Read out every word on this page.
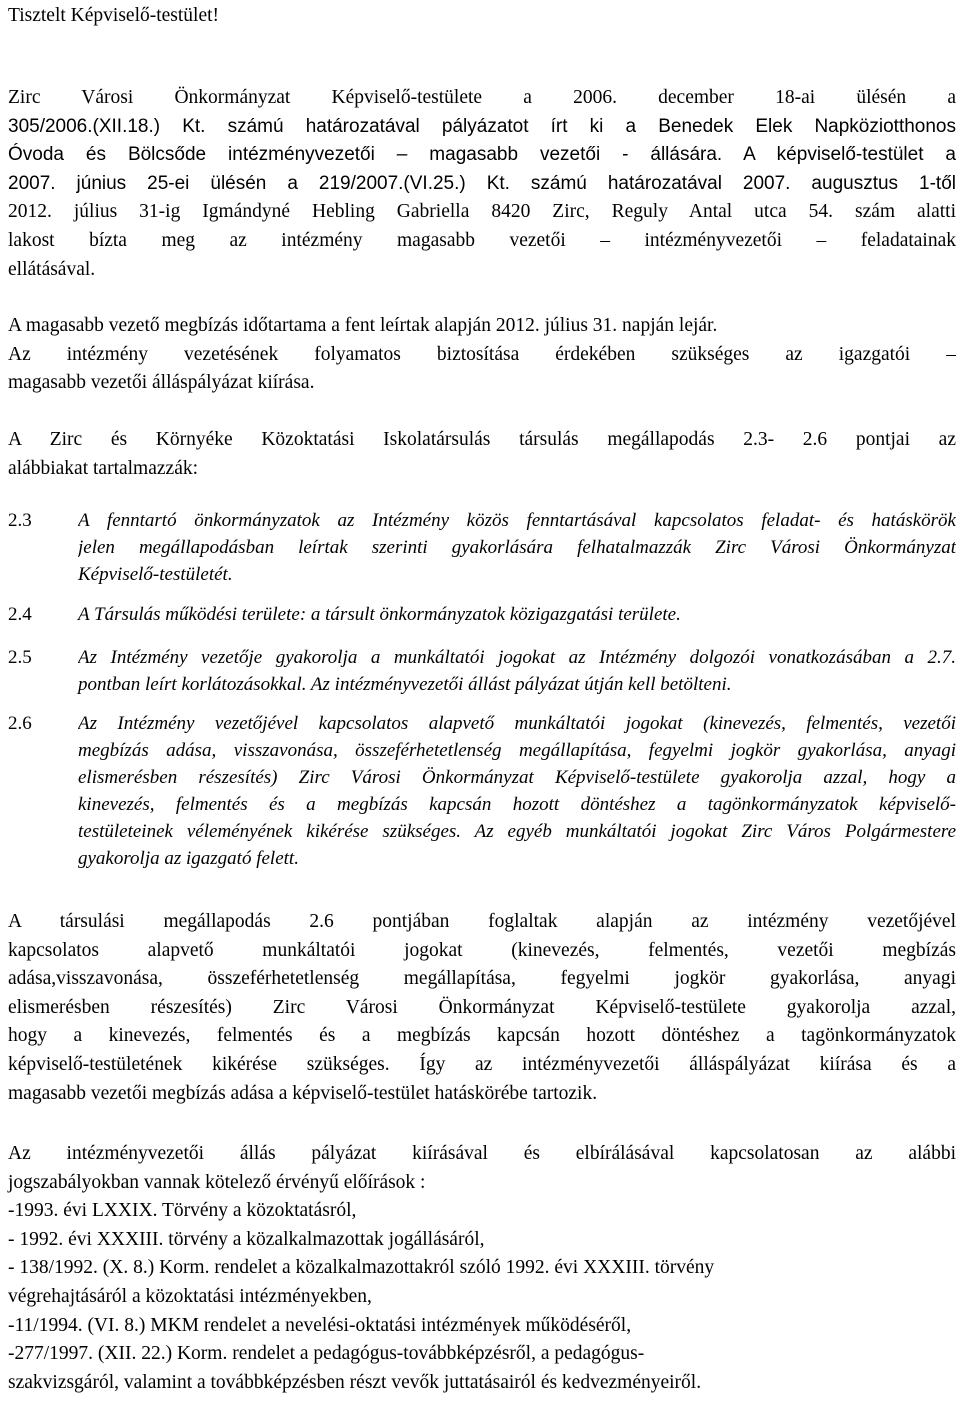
Tisztelt Képviselő-testület!
Zirc Városi Önkormányzat Képviselő-testülete a 2006. december 18-ai ülésén a
305/2006.(XII.18.) Kt. számú határozatával pályázatot írt ki a Benedek Elek Napköziotthonos
Óvoda és Bölcsőde intézményvezetői – magasabb vezetői - állására. A képviselő-testület a
2007. június 25-ei ülésén a 219/2007.(VI.25.) Kt. számú határozatával 2007. augusztus 1-től
2012. július 31-ig Igmándyné Hebling Gabriella 8420 Zirc, Reguly Antal utca 54. szám alatti
lakost bízta meg az intézmény magasabb vezetői – intézményvezetői – feladatainak
ellátásával.
A magasabb vezető megbízás időtartama a fent leírtak alapján 2012. július 31. napján lejár.
Az intézmény vezetésének folyamatos biztosítása érdekében szükséges az igazgatói –
magasabb vezetői álláspályázat kiírása.
A Zirc és Környéke Közoktatási Iskolatársulás társulás megállapodás 2.3- 2.6 pontjai az
alábbiakat tartalmazzák:
2.3	A fenntartó önkormányzatok az Intézmény közös fenntartásával kapcsolatos feladat- és hatáskörök
jelen megállapodásban leírtak szerinti gyakorlására felhatalmazzák Zirc Városi Önkormányzat
Képviselő-testületét.
2.4	A Társulás működési területe: a társult önkormányzatok közigazgatási területe.
2.5	Az Intézmény vezetője gyakorolja a munkáltatói jogokat az Intézmény dolgozói vonatkozásában a 2.7.
pontban leírt korlátozásokkal. Az intézményvezetői állást pályázat útján kell betölteni.
2.6	Az Intézmény vezetőjével kapcsolatos alapvető munkáltatói jogokat (kinevezés, felmentés, vezetői
megbízás adása, visszavonása, összeférhetetlenség megállapítása, fegyelmi jogkör gyakorlása, anyagi
elismerésben részesítés) Zirc Városi Önkormányzat Képviselő-testülete gyakorolja azzal, hogy a
kinevezés, felmentés és a megbízás kapcsán hozott döntéshez a tagönkormányzatok képviselő-
testületeinek véleményének kikérése szükséges. Az egyéb munkáltatói jogokat Zirc Város Polgármestere
gyakorolja az igazgató felett.
A társulási megállapodás 2.6 pontjában foglaltak alapján az intézmény vezetőjével
kapcsolatos alapvető munkáltatói jogokat (kinevezés, felmentés, vezetői megbízás
adása,visszavonása, összeférhetetlenség megállapítása, fegyelmi jogkör gyakorlása, anyagi
elismerésben részesítés) Zirc Városi Önkormányzat Képviselő-testülete gyakorolja azzal,
hogy a kinevezés, felmentés és a megbízás kapcsán hozott döntéshez a tagönkormányzatok
képviselő-testületének kikérése szükséges. Így az intézményvezetői álláspályázat kiírása és a
magasabb vezetői megbízás adása a képviselő-testület hatáskörébe tartozik.
Az intézményvezetői állás pályázat kiírásával és elbírálásával kapcsolatosan az alábbi
jogszabályokban vannak kötelező érvényű előírások :
-1993. évi LXXIX. Törvény a közoktatásról,
- 1992. évi XXXIII. törvény a közalkalmazottak jogállásáról,
- 138/1992. (X. 8.) Korm. rendelet a közalkalmazottakról szóló 1992. évi XXXIII. törvény
végrehajtásáról a közoktatási intézményekben,
-11/1994. (VI. 8.) MKM rendelet a nevelési-oktatási intézmények működéséről,
-277/1997. (XII. 22.) Korm. rendelet a pedagógus-továbbképzésről, a pedagógus-
szakvizsgáról, valamint a továbbképzésben részt vevők juttatásairól és kedvezményeiről.
